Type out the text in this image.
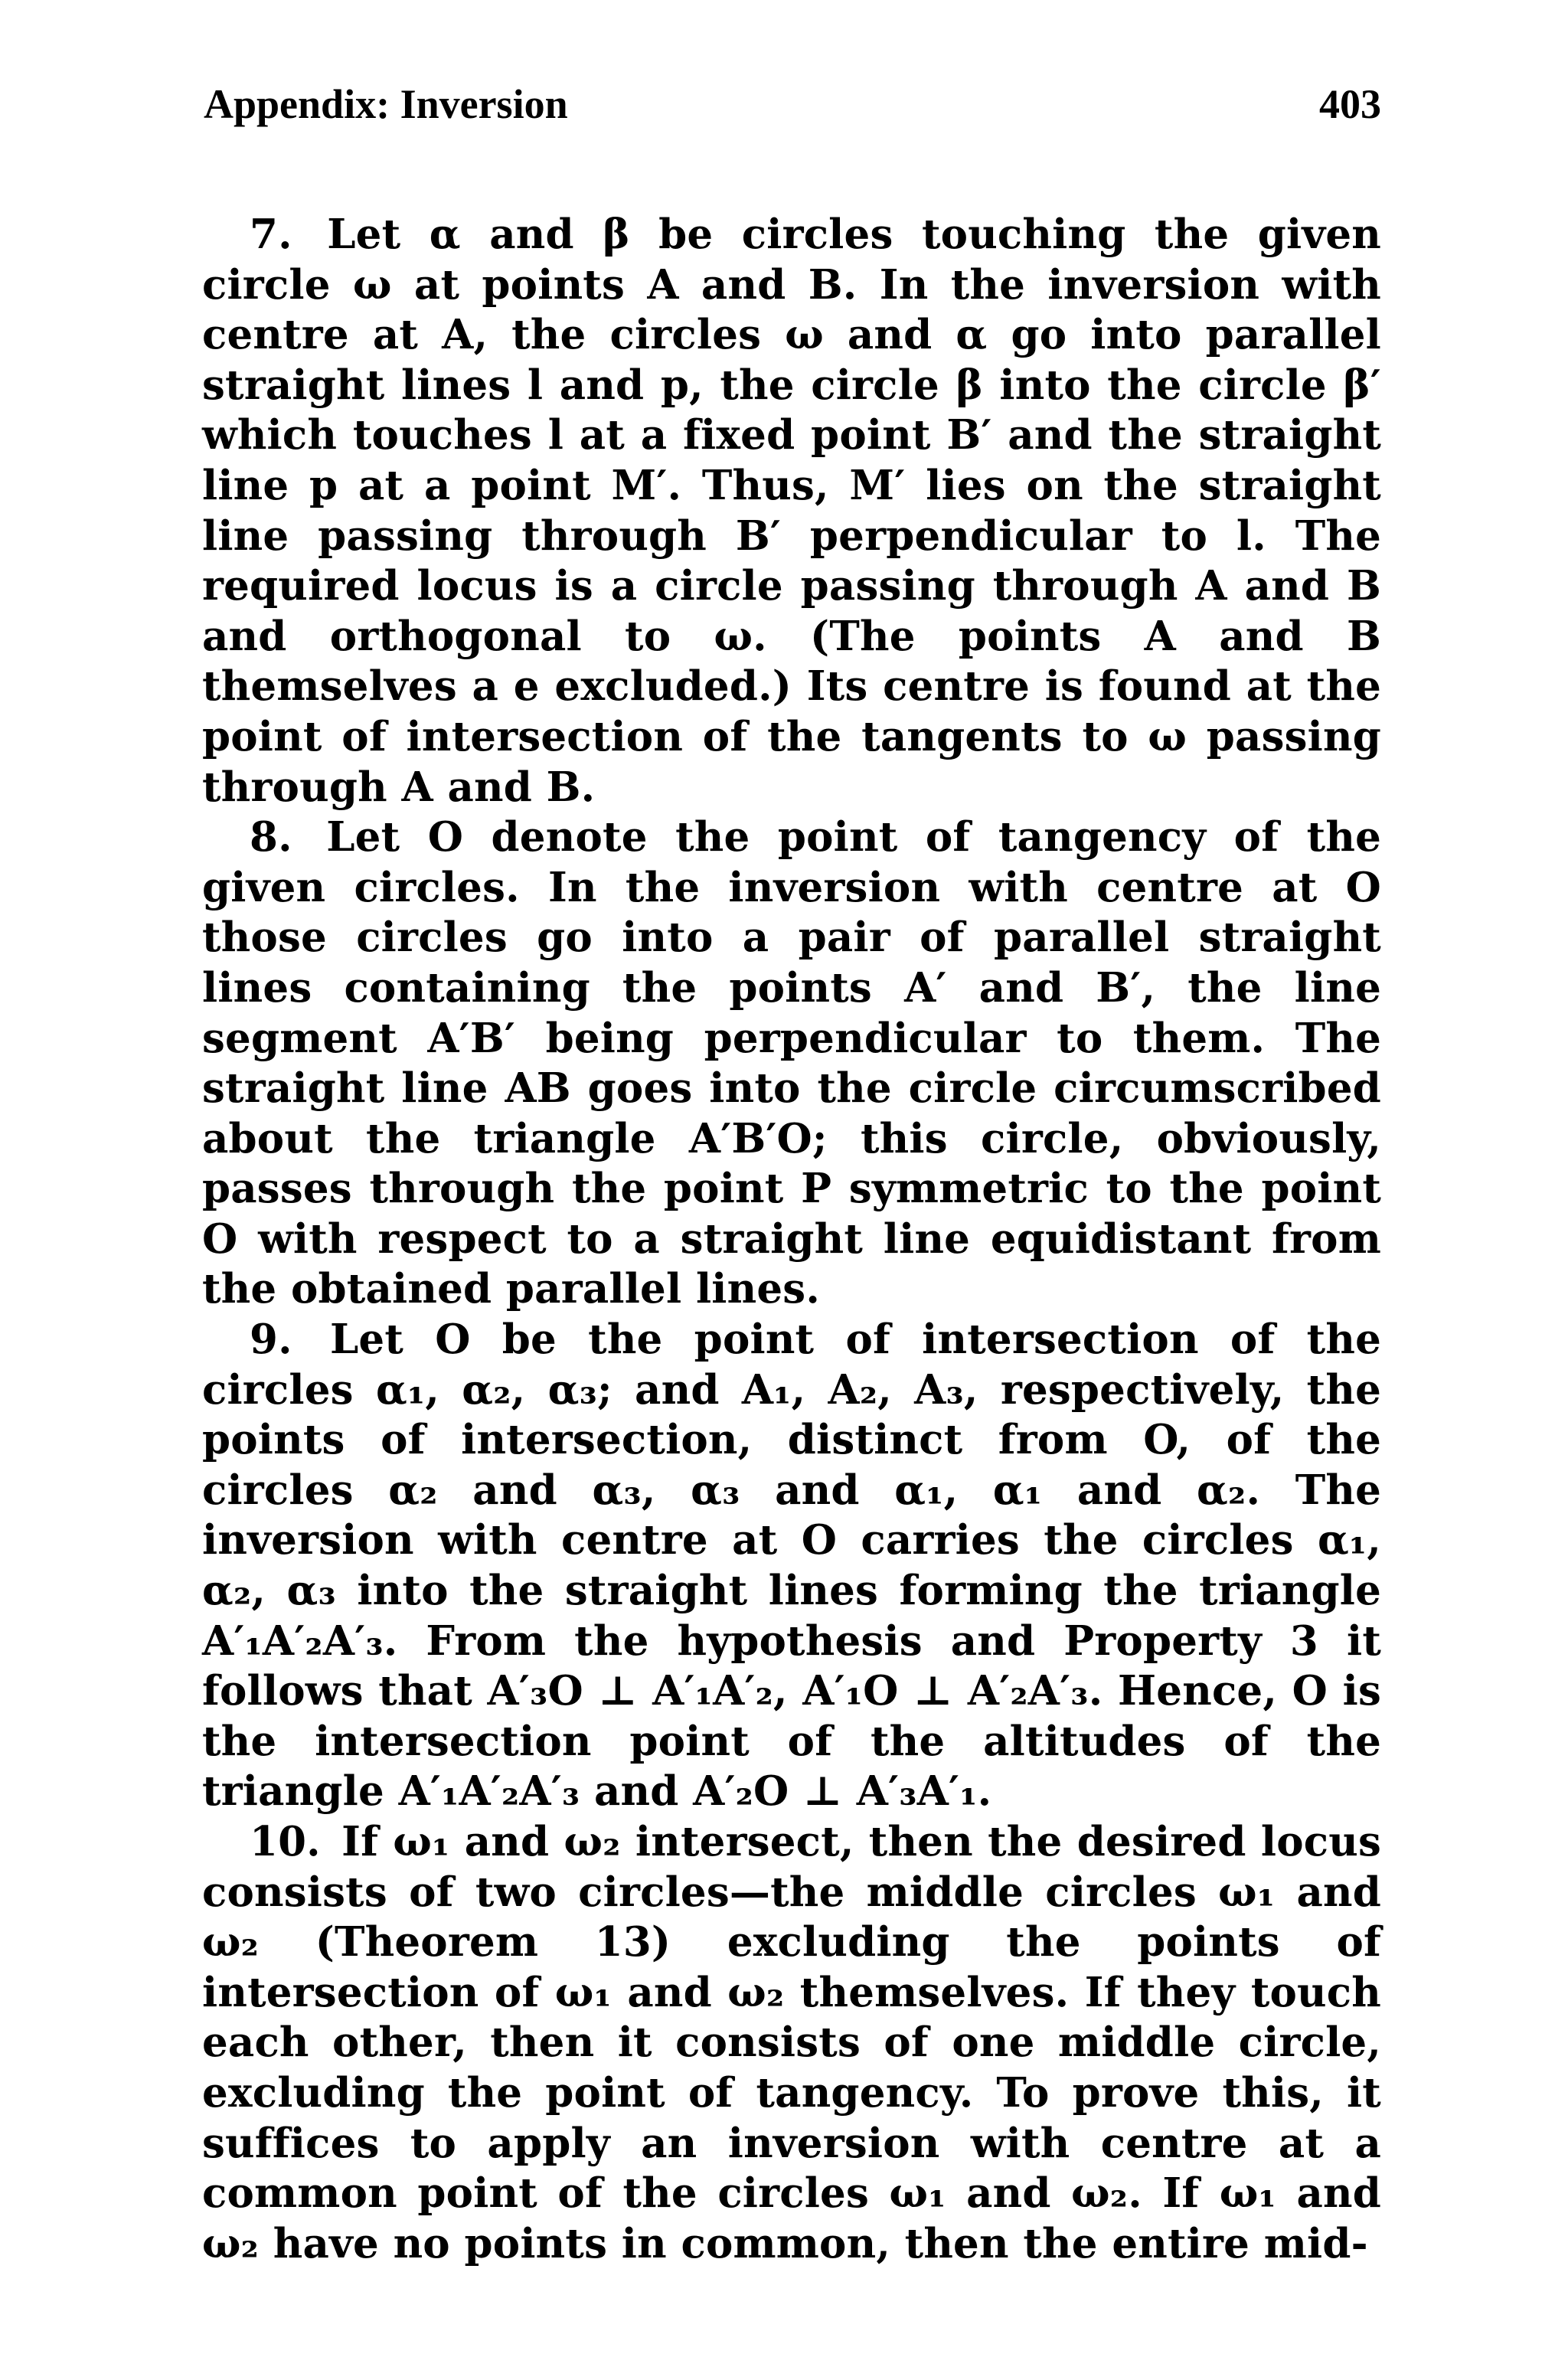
Appendix: Inversion	403

7. Let α and β be circles touching the given circle ω at points A and B. In the inversion with centre at A, the circles ω and α go into parallel straight lines l and p, the circle β into the circle β′ which touches l at a fixed point B′ and the straight line p at a point M′. Thus, M′ lies on the straight line passing through B′ perpendicular to l. The required locus is a circle passing through A and B and orthogonal to ω. (The points A and B themselves a e excluded.) Its centre is found at the point of intersection of the tangents to ω passing through A and B.

8. Let O denote the point of tangency of the given circles. In the inversion with centre at O those circles go into a pair of parallel straight lines containing the points A′ and B′, the line segment A′B′ being perpendicular to them. The straight line AB goes into the circle circumscribed about the triangle A′B′O; this circle, obviously, passes through the point P symmetric to the point O with respect to a straight line equidistant from the obtained parallel lines.

9. Let O be the point of intersection of the circles α₁, α₂, α₃; and A₁, A₂, A₃, respectively, the points of intersection, distinct from O, of the circles α₂ and α₃, α₃ and α₁, α₁ and α₂. The inversion with centre at O carries the circles α₁, α₂, α₃ into the straight lines forming the triangle A′₁A′₂A′₃. From the hypothesis and Property 3 it follows that A′₃O ⊥ A′₁A′₂, A′₁O ⊥ A′₂A′₃. Hence, O is the intersection point of the altitudes of the triangle A′₁A′₂A′₃ and A′₂O ⊥ A′₃A′₁.

10. If ω₁ and ω₂ intersect, then the desired locus consists of two circles—the middle circles ω₁ and ω₂ (Theorem 13) excluding the points of intersection of ω₁ and ω₂ themselves. If they touch each other, then it consists of one middle circle, excluding the point of tangency. To prove this, it suffices to apply an inversion with centre at a common point of the circles ω₁ and ω₂. If ω₁ and ω₂ have no points in common, then the entire mid-
